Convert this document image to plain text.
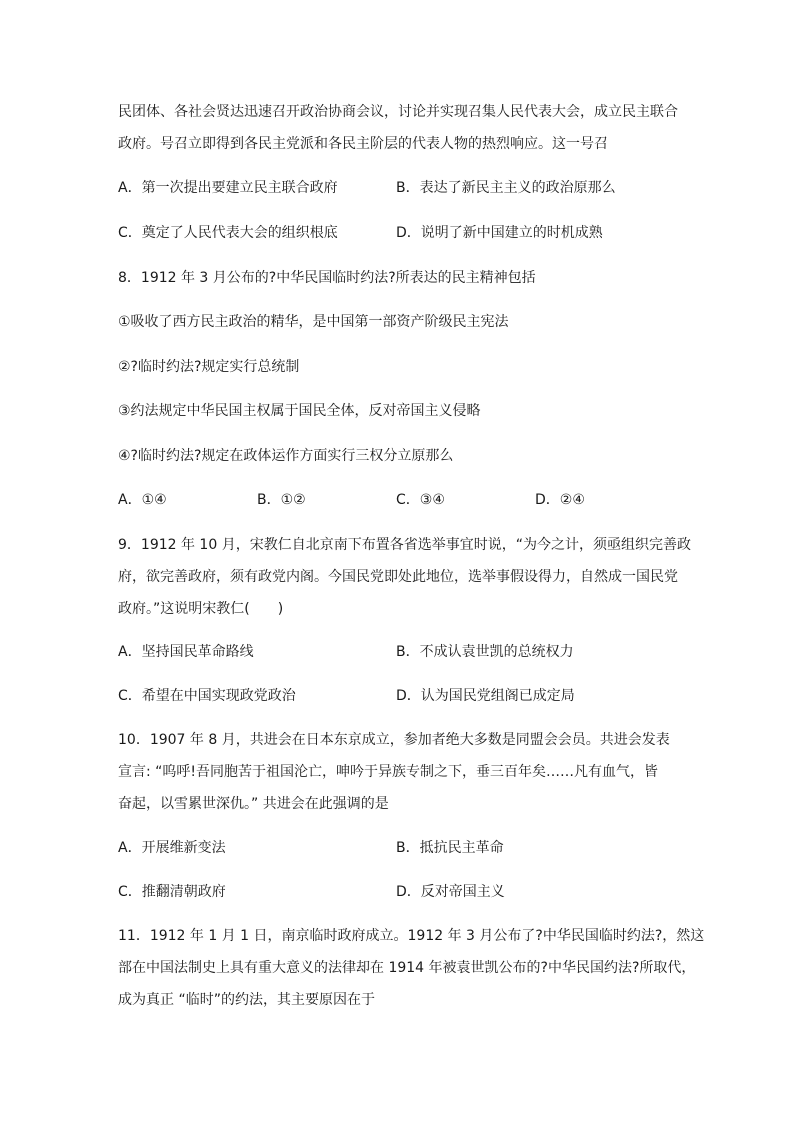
民团体、各社会贤达迅速召开政治协商会议，讨论并实现召集人民代表大会，成立民主联合
政府。号召立即得到各民主党派和各民主阶层的代表人物的热烈响应。这一号召
A．第一次提出要建立民主联合政府	B．表达了新民主主义的政治原那么
C．奠定了人民代表大会的组织根底	D．说明了新中国建立的时机成熟
8．1912 年 3 月公布的?中华民国临时约法?所表达的民主精神包括
①吸收了西方民主政治的精华，是中国第一部资产阶级民主宪法
②?临时约法?规定实行总统制
③约法规定中华民国主权属于国民全体，反对帝国主义侵略
④?临时约法?规定在政体运作方面实行三权分立原那么
A．①④	B．①②	C．③④	D．②④
9．1912 年 10 月，宋教仁自北京南下布置各省选举事宜时说，“为今之计，须亟组织完善政
府，欲完善政府，须有政党内阁。今国民党即处此地位，选举事假设得力，自然成一国民党
政府。”这说明宋教仁(　　)
A．坚持国民革命路线	B．不成认袁世凯的总统权力
C．希望在中国实现政党政治	D．认为国民党组阁已成定局
10．1907 年 8 月，共进会在日本东京成立，参加者绝大多数是同盟会会员。共进会发表
宣言: “呜呼!吾同胞苦于祖国沦亡，呻吟于异族专制之下，垂三百年矣……凡有血气，皆
奋起，以雪累世深仇。” 共进会在此强调的是
A．开展维新变法	B．抵抗民主革命
C．推翻清朝政府	D．反对帝国主义
11．1912 年 1 月 1 日，南京临时政府成立。1912 年 3 月公布了?中华民国临时约法?，然这
部在中国法制史上具有重大意义的法律却在 1914 年被袁世凯公布的?中华民国约法?所取代，
成为真正 “临时”的约法，其主要原因在于
